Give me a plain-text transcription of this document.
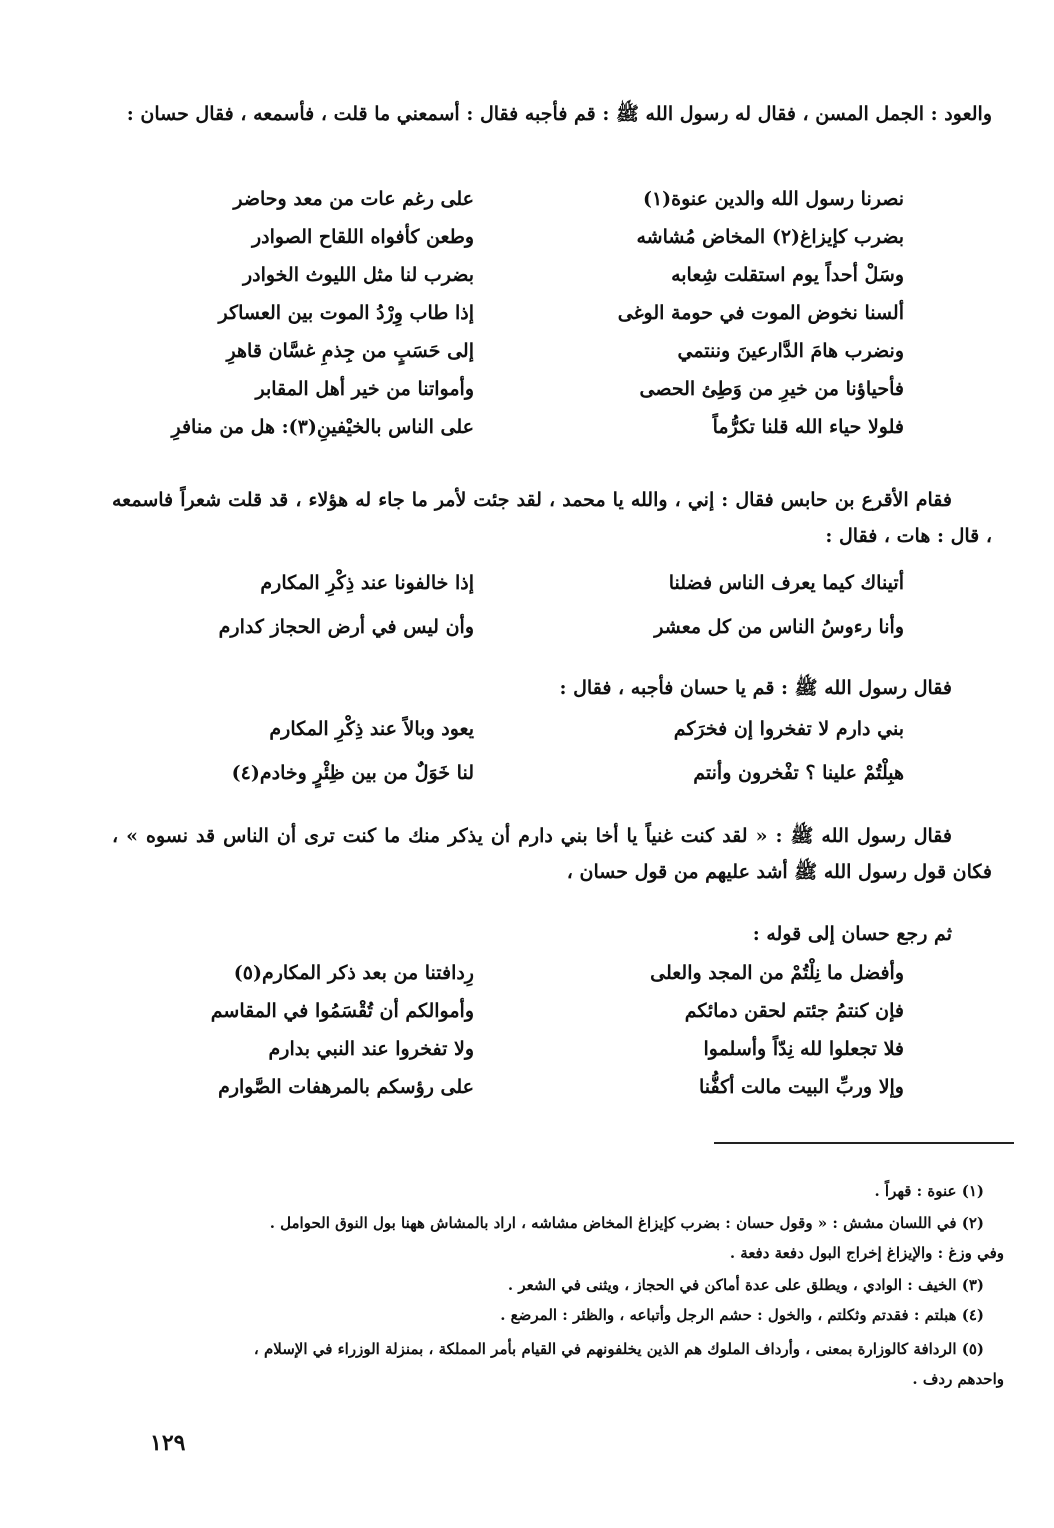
والعود : الجمل المسن ، فقال له رسول الله ﷺ : قم فأجبه فقال : أسمعني ما قلت ، فأسمعه ، فقال حسان :
نصرنا رسول الله والدين عنوة(١)
على رغم عات من معد وحاضر
بضرب كإيزاغ(٢) المخاض مُشاشه
وطعن كأفواه اللقاح الصوادر
وسَلْ أحداً يوم استقلت شِعابه
بضرب لنا مثل الليوث الخوادر
ألسنا نخوض الموت في حومة الوغى
إذا طاب وِرْدُ الموت بين العساكر
ونضرب هامَ الدَّارعينَ وننتمي
إلى حَسَبٍ من جِذمِ غسَّان قاهرِ
فأحياؤنا من خيرِ من وَطِئ الحصى
وأمواتنا من خير أهل المقابر
فلولا حياء الله قلنا تكرُّماً
على الناس بالخيْفينِ(٣): هل من منافرِ
فقام الأقرع بن حابس فقال : إني ، والله يا محمد ، لقد جئت لأمر ما جاء له هؤلاء ، قد قلت شعراً فاسمعه ، قال : هات ، فقال :
أتيناك كيما يعرف الناس فضلنا
إذا خالفونا عند ذِكْرِ المكارم
وأنا رءوسُ الناس من كل معشر
وأن ليس في أرض الحجاز كدارم
فقال رسول الله ﷺ : قم يا حسان فأجبه ، فقال :
بني دارم لا تفخروا إن فخرَكم
يعود وبالاً عند ذِكْرِ المكارم
هبِلْتُمْ علينا ؟ تفْخرون وأنتم
لنا خَوَلٌ من بين ظِئْرٍ وخادم(٤)
فقال رسول الله ﷺ : « لقد كنت غنياً يا أخا بني دارم أن يذكر منك ما كنت ترى أن الناس قد نسوه » ، فكان قول رسول الله ﷺ أشد عليهم من قول حسان ،
ثم رجع حسان إلى قوله :
وأفضل ما نِلْتُمْ من المجد والعلى
رِدافتنا من بعد ذكر المكارم(٥)
فإن كنتمُ جئتم لحقن دمائكم
وأموالكم أن تُقْسَمُوا في المقاسم
فلا تجعلوا لله نِدّاً وأسلموا
ولا تفخروا عند النبي بدارم
وإلا وربِّ البيت مالت أكفُّنا
على رؤسكم بالمرهفات الصَّوارم
(١) عنوة : قهراً .
(٢) في اللسان مشش : « وقول حسان : بضرب كإيزاغ المخاض مشاشه ، اراد بالمشاش ههنا بول النوق الحوامل .
وفي وزغ : والإيزاغ إخراج البول دفعة دفعة .
(٣) الخيف : الوادي ، ويطلق على عدة أماكن في الحجاز ، ويثنى في الشعر .
(٤) هبلتم : فقدتم وثكلتم ، والخول : حشم الرجل وأتباعه ، والظئر : المرضع .
(٥) الردافة كالوزارة بمعنى ، وأرداف الملوك هم الذين يخلفونهم في القيام بأمر المملكة ، بمنزلة الوزراء في الإسلام ،
واحدهم ردف .
١٢٩
